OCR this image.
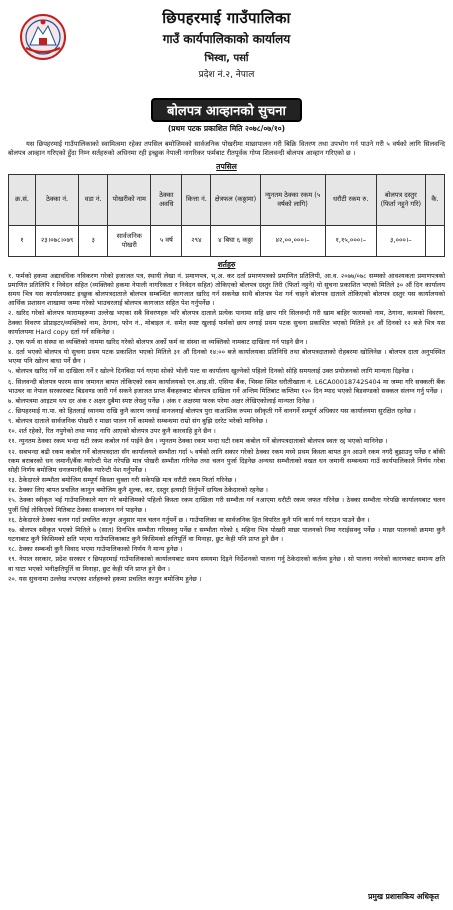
छिपहरमाई गाउँपालिका
गाउँ कार्यपालिकाको कार्यालय
भिस्वा, पर्सा
प्रदेश नं.२, नेपाल
बोलपत्र आव्हानको सुचना
(प्रथम पटक प्रकाशित मिति २०७८/०७/१०)
यस छिपहरमाई गाउँपालिकाको स्वामित्वमा रहेका तपसिल बमोजिमको सार्वजनिक पोखरीमा माछापालन गरी बिक्रि वितरण तथा उपभोग गर्न पाउने गरी ५ वर्षको लागि सिलवन्दि बोलपत्र आव्हान गरिएको हुँदा निम्न सर्तहरुको अधिनमा रही इच्छुक नेपाली नागरिकर फर्मबाट रीतपूर्वक गोप्य शिलवन्दी बोलपत्र आव्हान गरिएको छ ।
तपसिल
क्र.सं.	ठेक्का नं.	वडा नं.	पोखरीको नाम	ठेक्का अवधि	कित्ता नं.	क्षेत्रफल (कठ्ठामा)	न्युनतम ठेक्का रकम (५ वर्षको लागि)	धरौटी रकम रु.	बोलपत्र दस्तुर (फिर्ता नहुने गरि)	कै.
१	२३।०७८।०७९	३	सार्वजनिक पोखरी	५ वर्ष	२९४	४ बिघा ६ कठ्ठा	४२,००,०००।–	१,१५,०००।–	३,०००।–	
शर्तहरु
१. फर्मको हकमा अद्यावधिक नविकरण गरेको इजाजत पत्र, स्थायी लेखा नं. प्रमाणपत्र, भ्.अ. कर दर्ता प्रमाणपत्रको प्रमाणित प्रतिलिपी, आ.व. २०७७/०७८ सम्मको आवश्यकता प्रमाणपत्रको प्रमाणित प्रतिलिपि र निवेदन सहित (व्यक्तिको हकमा नेपाली नागरिकता र निवेदन सहित) तोकिएको बोलपत्र दस्तुर तिरी (फिर्ता नहुने) यो सुचना प्रकाशित भएको मितिले ३० औं दिन कार्यालय समय भित्र यस कार्यालयबाट इच्छुक बोलपत्रदाताले बोलपत्र सम्बन्धित कागजात खरिद गर्न सकनेछ साथै बोलपत्र पेश गर्न चाहने बोलपत्र दाताले तोकिएको बोलपत्र दस्तुर यस कार्यालयको आर्थिक प्रशासन शाखामा जम्मा गरेको भाउचरलाई बोलपत्र कागजात सहित पेश गर्नुपर्नेछ ।
२. खरिद गरेको बोलपत्र फारामहरूमा उल्लेख भएका सबै विवरणहरु भरि बोलपत्र दाताले प्रत्येक पानामा सहि छाप गरि सिलवन्दी गरी खाम बाहिर फारमको नाम, ठेगाना, कामको विवरण, ठेक्का विवरण प्रोप्राइटर/व्यक्तिको नाम, ठेगाना, फोन नं., मोबाइल नं. समेत स्पष्ट खुलाई फर्मको छाप लगाई प्रथम पटक सुचना प्रकाशित भएको मितिले ३१ औं दिनको १२ बजे भित्र यस कार्यालयमा Hard copy दर्ता गर्न सकिनेछ ।
३. एक फर्म वा संस्था वा व्यक्तिको नाममा खरिद गरेको बोलपत्र अर्को फर्म वा संस्था वा व्यक्तिको नामबाट दाखिला गर्न पाइने छैन ।
४. दर्ता भएको बोलपत्र यो सुचना प्रथम पटक प्रकाशित भएको मितिले ३१ औं दिनको १४:०० बजे कार्यालयका प्रतिनिधि तथा बोलपत्रदाताको रोहबरमा खोलिनेछ । बोलपत्र दाता अनुपस्थित भएमा पनि खोल्न बाधा पर्ने छैन ।
५. बोलपत्र खरिद गर्ने वा दाखिला गर्ने र खोल्ने दिनबिदा पर्न गएमा सोको भोली पल्ट वा कार्यालय खुल्नेको पहिलो दिनको सोहि समयलाई उक्त प्रयोजनको लागि मान्यता दिइनेछ ।
६. सिलवन्दी बोलपत्र फारम साथ जमानत बापत तोकिएको रकम कार्यालयको एन.आइ.सी. एसिया बैंक, भिस्वा स्थित धरौतीखाता नं. L6CA00018742S404 मा जम्मा गरि सक्कली बैंक भाउचर वा नेपाल सरकारबाट बिडवण्ड जारी गर्न सकने इजाजत प्राप्त बैंकहरुबाट बोलपत्र दाखिला गर्ने अन्तिम मितिबाट कम्तिमा १२० दिन म्याद भएको बिडवण्डको सक्कल संलग्न गर्नु पर्नेछ ।
७. बोलपत्रमा आइटम थप दर अंक र अक्षर दुबैमा स्पष्ट लेख्नु पर्नेछ । अंक र अक्षरमा फरक परेमा अक्षर लेखिएकोलाई मान्यता दिनेछ ।
८. छिपहरमाई गा.पा. को हितलाई ध्यानमा राखि कुनै कारण जनाई वानजनाई बोलपत्र पुरा वाआंशिक रुपमा स्वीकृती गर्ने वानगर्ने सम्पूर्ण अधिकार यस कार्यालयमा सुरक्षित रहनेछ ।
९. बोलपत्र दाताले सार्वजनिक पोखरी र माछा पालन गर्ने कामको सम्बन्धमा राम्रो संग बुझि दररेट भरेको मानिनेछ ।
१०. शर्त रहेको, रित नपुगेको तथा म्याद नाघि आएको बोलपत्र उपर कुनै कारवाहि हुने छैन ।
११. न्युनतम ठेक्का रकम भन्दा घटी रकम कबोल गर्न पाईने छैन । न्युनतम ठेक्का रकम भन्दा घटी रकम कबोल गर्ने बोलपत्रदाताको बोलपत्र स्वतः रद्द भएको मानिनेछ ।
१२. सबभन्दा बढी रकम कबोल गर्ने बोलपत्रदाता सँग कार्यालयले सम्भौता गर्दा ५ वर्षको लागि सकार गरेको ठेक्का रकम मध्ये प्रथम किस्ता बापत हुन आउने रकम नगदै बुझाउनु पर्नेछ र बाँकी रकम बराबरको धन जमानी/बैंक ग्यारेन्टी पेश गरेपछि मात्र पोखरी सम्भौता गरिनेछ तथा चलन पुर्जा दिइनेछ अन्यथा सम्भौताको वखत धन जमानी सम्बन्धमा गाउँ कार्यपालिकाले निर्णय गरेबा सोही निर्णय बमोजिम धनजमानी/बैंक ग्यारेन्टी पेश गर्नुपर्नेछ ।
१३. ठेकेदारले सम्भौता बमोजिम सम्पूर्ण किस्ता चुक्ता गरी सकेपछि मात्र धरौटी रकम फिर्ता गरिनेछ ।
१४. ठेक्का लिए बापत प्रचलित कानुन बमोजिम कुनै शुल्क, कर, दस्तुर इत्यादी तिर्नुपर्ने दायित्व ठेकेदारको रहनेछ ।
१५. ठेक्का स्वीकृत भई गाउँपालिकाले माग गरे बमोजिमको पहिलो किस्ता रकम दाखिला गरी सम्भौता गर्न नआएमा धरौटी रकम जफत गरिनेछ । ठेक्का सम्भौता गरेपछि कार्यालयबाट चलन पुर्जी लिई तोकिएको मितिबाट ठेक्का सञ्चालन गर्न पाइनेछ ।
१६. ठेकेदारले ठेक्का चलन गर्दा प्रचलित कानुन अनुसार मात्र चलन गर्नुपर्ने छ । गाउँपालिका वा सार्वजनिक हित विपरित कुनै पनि कार्य गर्न गराउन पाउने छैन ।
१७. बोलपत्र स्वीकृत भएको मितिले ७ (सात) दिनभित्र सम्भौता गरिसक्नु पर्नेछ र सम्भौता गरेको ६ महिना भित्र पोखरी माछा पालनको निमा गराईसक्नु पर्नेछ । माछा पालनको क्रममा कुनै घटनाबाट कुनै किसिमको क्षति भएमा गाउँपालिकाबाट कुनै किसिमको क्षतिपूर्ति वा मिनाहा, छुट केही पनि प्राप्त हुने छैन ।
१८. ठेक्का सम्बन्धी कुनै विवाद भएमा गाउँपालिकाको निर्णय नै मान्य हुनेछ ।
१९. नेपाल सरकार, प्रदेश सरकार र छिपहरमाई गाउँपालिकाको कार्यालयबाट समय समयमा दिइने निर्देशनको पालना गर्नु ठेकेदारको कर्तव्य हुनेछ । सो पालना नगरेको कारणबाट समान्य क्षति वा घाटा भएको भनीक्षतिपूर्ति वा मिनाहा, छुट केही पनि प्राप्त हुने छैन ।
२०. यस सुचनामा उल्लेख नभएका शर्तहरुको हकमा प्रचलित कानुन बमोजिम हुनेछ ।
प्रमुख प्रशासकिय अधिकृत
